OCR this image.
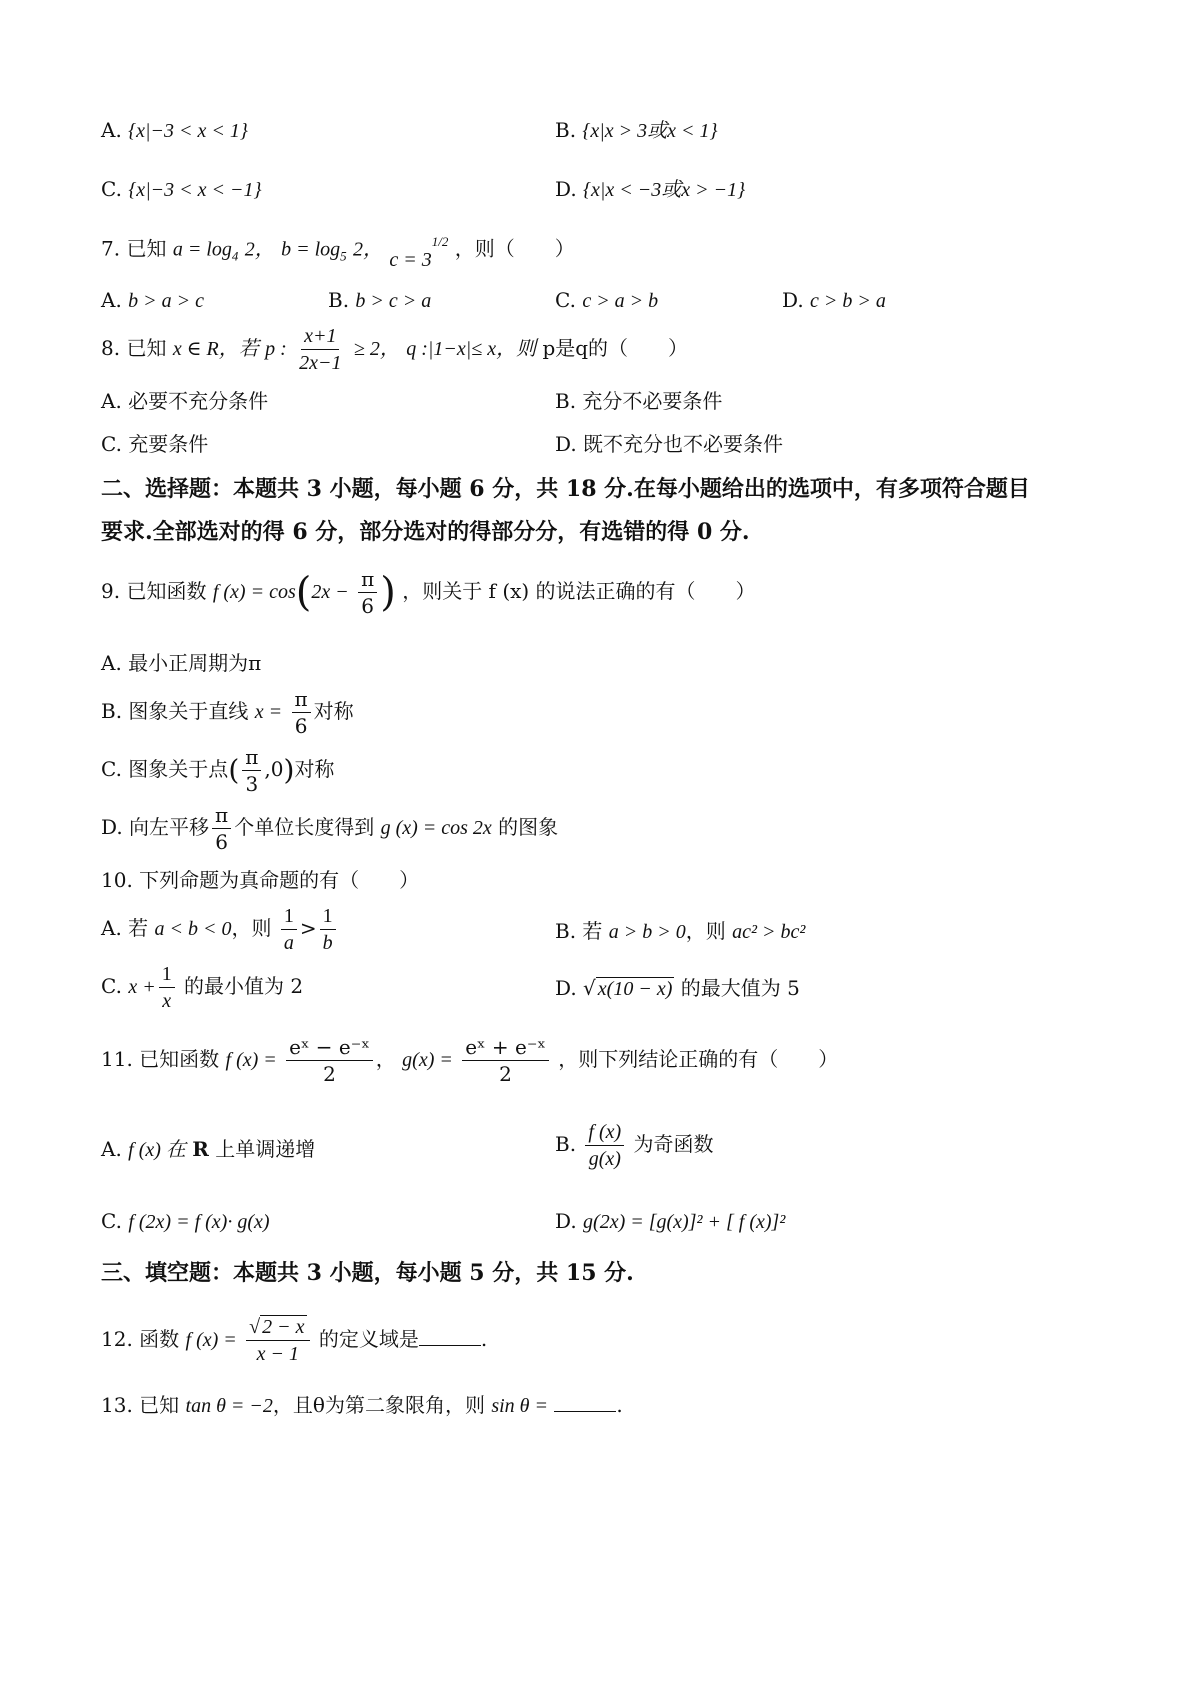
A. {x|−3 < x < 1}	B. {x|x > 3或x < 1}
C. {x|−3 < x < −1}	D. {x|x < −3或x > −1}
7. 已知 $a = \log_4 2$， $b = \log_5 2$， $c = 3^{1/2}$ ，则（　　）
A. b > a > c	B. b > c > a	C. c > a > b	D. c > b > a
8. 已知 x ∈ R，若 p : $\frac{x+1}{2x-1} \ge 2$， q :|1−x|≤ x，则 p是q的（　　）
A. 必要不充分条件	B. 充分不必要条件
C. 充要条件	D. 既不充分也不必要条件
二、选择题：本题共 3 小题，每小题 6 分，共 18 分.在每小题给出的选项中，有多项符合题目
要求.全部选对的得 6 分，部分选对的得部分分，有选错的得 0 分.
9. 已知函数 f $(x) = \cos(2x - \frac{\pi}{6}$ ) ，则关于 f (x) 的说法正确的有（　　）
A. 最小正周期为π
B. 图象关于直线 $x = \frac{\pi}{6}$ 对称
C. 图象关于点( $\frac{\pi}{3} ,0$)对称
D. 向左平移 $\frac{\pi}{6}$ 个单位长度得到 g (x) = cos 2x 的图象
10. 下列命题为真命题的有（　　）
A. 若 a < b < 0，则 $\frac{1}{a} > \frac{1}{b}$	B. 若 a > b > 0，则 ac² > bc²
C. $x + \frac{1}{x}$ 的最小值为 2	D. √ x(10 − x) 的最大值为 5
11. 已知函数 f $(x) = \frac{\text{eˣ − e⁻ˣ}}{2}$ ， $g(x) = \frac{\text{eˣ + e⁻ˣ}}{2}$ ，则下列结论正确的有（　　）
A. f (x) 在 R 上单调递增	B. $\frac{f (x)}{g(x)}$ 为奇函数
C. f (2x) = f (x)· g(x)	D. g(2x) = [g(x)]² + [ f (x)]²
三、填空题：本题共 3 小题，每小题 5 分，共 15 分.
12. 函数 f $(x) = \frac{√ 2 - x}{x - 1}$ 的定义域是	.
13. 已知 tan θ = −2，且θ为第二象限角，则 sin θ =	.
